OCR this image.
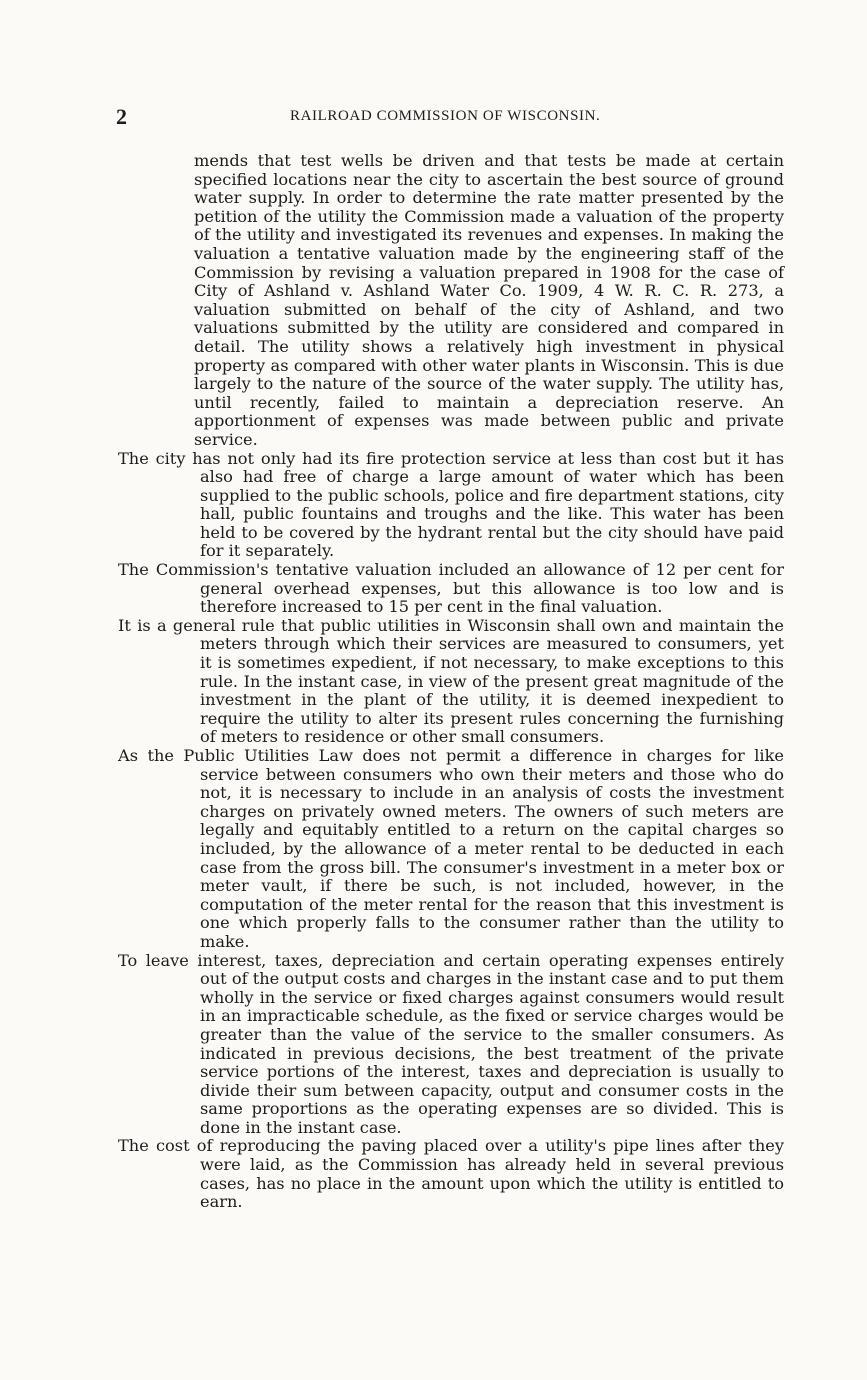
2	RAILROAD COMMISSION OF WISCONSIN.

mends that test wells be driven and that tests be made at certain specified locations near the city to ascertain the best source of ground water supply. In order to determine the rate matter presented by the petition of the utility the Commission made a valuation of the property of the utility and investigated its revenues and expenses. In making the valuation a tentative valuation made by the engineering staff of the Commission by revising a valuation prepared in 1908 for the case of City of Ashland v. Ashland Water Co. 1909, 4 W. R. C. R. 273, a valuation submitted on behalf of the city of Ashland, and two valuations submitted by the utility are considered and compared in detail. The utility shows a relatively high investment in physical property as compared with other water plants in Wisconsin. This is due largely to the nature of the source of the water supply. The utility has, until recently, failed to maintain a depreciation reserve. An apportionment of expenses was made between public and private service.

The city has not only had its fire protection service at less than cost but it has also had free of charge a large amount of water which has been supplied to the public schools, police and fire department stations, city hall, public fountains and troughs and the like. This water has been held to be covered by the hydrant rental but the city should have paid for it separately.

The Commission's tentative valuation included an allowance of 12 per cent for general overhead expenses, but this allowance is too low and is therefore increased to 15 per cent in the final valuation.

It is a general rule that public utilities in Wisconsin shall own and maintain the meters through which their services are measured to consumers, yet it is sometimes expedient, if not necessary, to make exceptions to this rule. In the instant case, in view of the present great magnitude of the investment in the plant of the utility, it is deemed inexpedient to require the utility to alter its present rules concerning the furnishing of meters to residence or other small consumers.

As the Public Utilities Law does not permit a difference in charges for like service between consumers who own their meters and those who do not, it is necessary to include in an analysis of costs the investment charges on privately owned meters. The owners of such meters are legally and equitably entitled to a return on the capital charges so included, by the allowance of a meter rental to be deducted in each case from the gross bill. The consumer's investment in a meter box or meter vault, if there be such, is not included, however, in the computation of the meter rental for the reason that this investment is one which properly falls to the consumer rather than the utility to make.

To leave interest, taxes, depreciation and certain operating expenses entirely out of the output costs and charges in the instant case and to put them wholly in the service or fixed charges against consumers would result in an impracticable schedule, as the fixed or service charges would be greater than the value of the service to the smaller consumers. As indicated in previous decisions, the best treatment of the private service portions of the interest, taxes and depreciation is usually to divide their sum between capacity, output and consumer costs in the same proportions as the operating expenses are so divided. This is done in the instant case.

The cost of reproducing the paving placed over a utility's pipe lines after they were laid, as the Commission has already held in several previous cases, has no place in the amount upon which the utility is entitled to earn.
